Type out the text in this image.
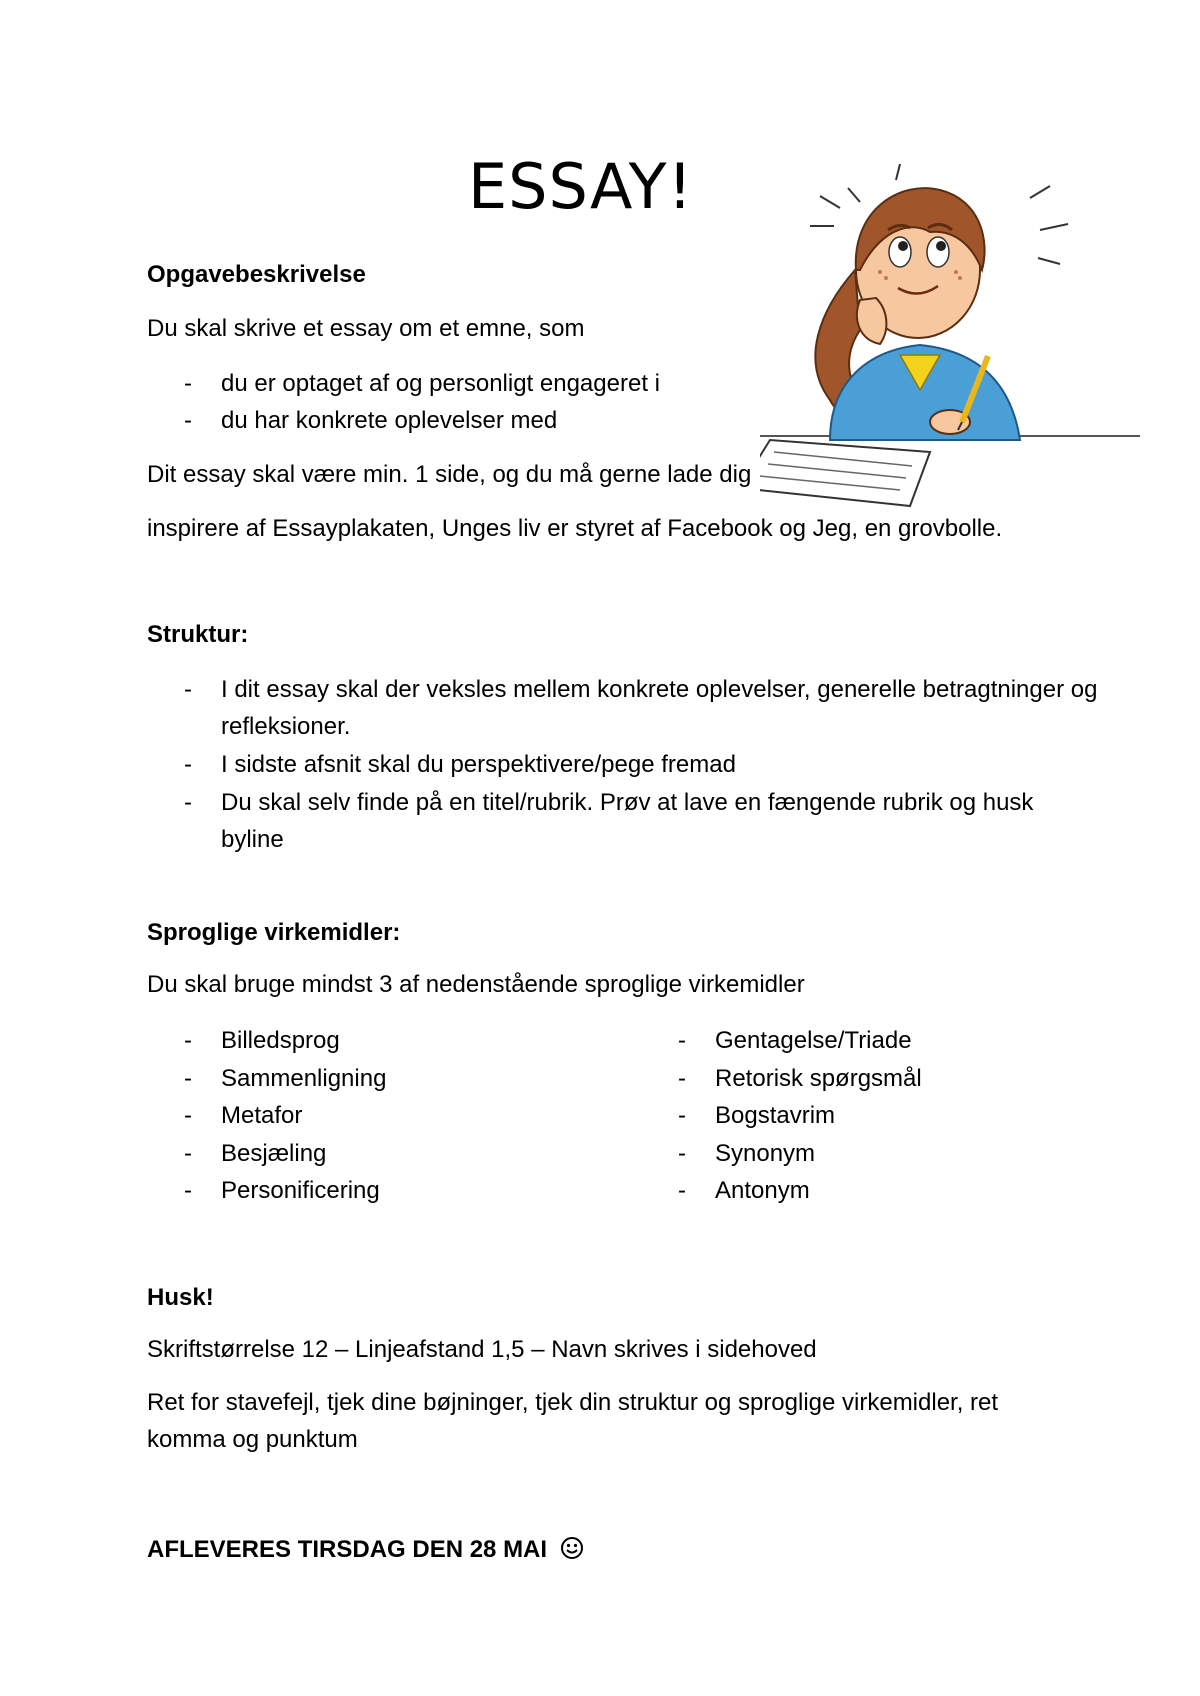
ESSAY!
Opgavebeskrivelse
Du skal skrive et essay om et emne, som
- du er optaget af og personligt engageret i
- du har konkrete oplevelser med
Dit essay skal være min. 1 side, og du må gerne lade dig
inspirere af Essayplakaten, Unges liv er styret af Facebook og Jeg, en grovbolle.
Struktur:
- I dit essay skal der veksles mellem konkrete oplevelser, generelle betragtninger og refleksioner.
- I sidste afsnit skal du perspektivere/pege fremad
- Du skal selv finde på en titel/rubrik. Prøv at lave en fængende rubrik og husk byline
Sproglige virkemidler:
Du skal bruge mindst 3 af nedenstående sproglige virkemidler
- Billedsprog
- Sammenligning
- Metafor
- Besjæling
- Personificering
- Gentagelse/Triade
- Retorisk spørgsmål
- Bogstavrim
- Synonym
- Antonym
Husk!
Skriftstørrelse 12 – Linjeafstand 1,5 – Navn skrives i sidehoved
Ret for stavefejl, tjek dine bøjninger, tjek din struktur og sproglige virkemidler, ret komma og punktum
AFLEVERES TIRSDAG DEN 28 MAI
